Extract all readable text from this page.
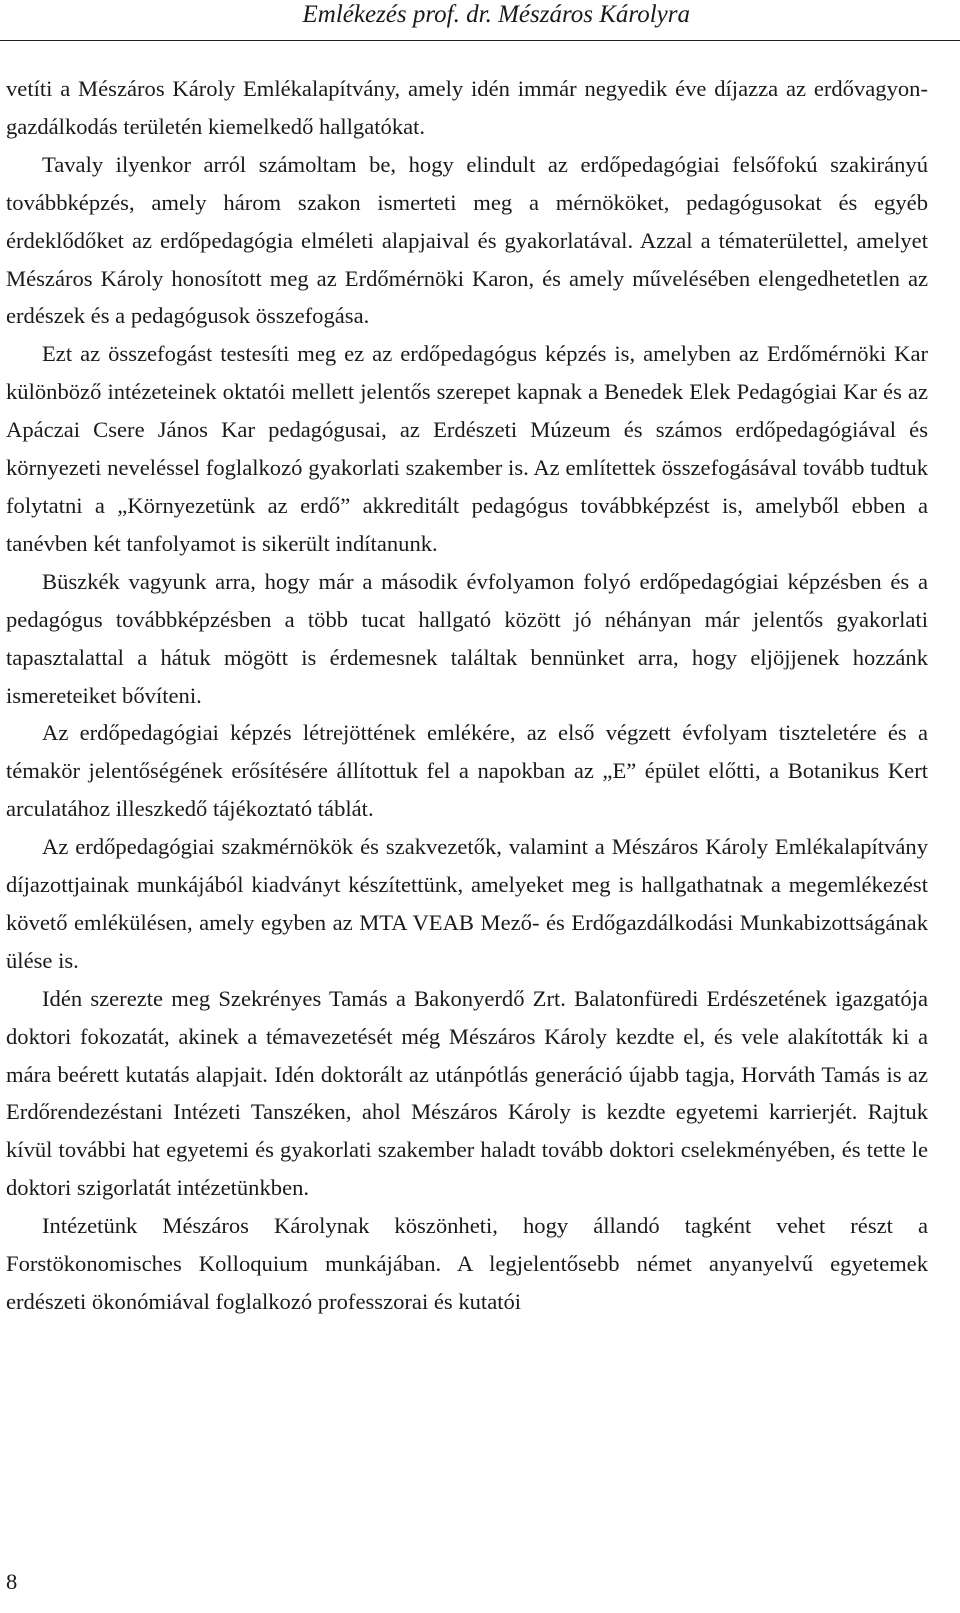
Emlékezés prof. dr. Mészáros Károlyra

vetíti a Mészáros Károly Emlékalapítvány, amely idén immár negyedik éve díjazza az erdővagyon-gazdálkodás területén kiemelkedő hallgatókat.

Tavaly ilyenkor arról számoltam be, hogy elindult az erdőpedagógiai felsőfokú szakirányú továbbképzés, amely három szakon ismerteti meg a mérnököket, pedagógusokat és egyéb érdeklődőket az erdőpedagógia elméleti alapjaival és gyakorlatával. Azzal a tématerülettel, amelyet Mészáros Károly honosított meg az Erdőmérnöki Karon, és amely művelésében elengedhetetlen az erdészek és a pedagógusok összefogása.

Ezt az összefogást testesíti meg ez az erdőpedagógus képzés is, amelyben az Erdőmérnöki Kar különböző intézeteinek oktatói mellett jelentős szerepet kapnak a Benedek Elek Pedagógiai Kar és az Apáczai Csere János Kar pedagógusai, az Erdészeti Múzeum és számos erdőpedagógiával és környezeti neveléssel foglalkozó gyakorlati szakember is. Az említettek összefogásával tovább tudtuk folytatni a „Környezetünk az erdő” akkreditált pedagógus továbbképzést is, amelyből ebben a tanévben két tanfolyamot is sikerült indítanunk.

Büszkék vagyunk arra, hogy már a második évfolyamon folyó erdőpedagógiai képzésben és a pedagógus továbbképzésben a több tucat hallgató között jó néhányan már jelentős gyakorlati tapasztalattal a hátuk mögött is érdemesnek találtak bennünket arra, hogy eljöjjenek hozzánk ismereteiket bővíteni.

Az erdőpedagógiai képzés létrejöttének emlékére, az első végzett évfolyam tiszteletére és a témakör jelentőségének erősítésére állítottuk fel a napokban az „E” épület előtti, a Botanikus Kert arculatához illeszkedő tájékoztató táblát.

Az erdőpedagógiai szakmérnökök és szakvezetők, valamint a Mészáros Károly Emlékalapítvány díjazottjainak munkájából kiadványt készítettünk, amelyeket meg is hallgathatnak a megemlékezést követő emlékülésen, amely egyben az MTA VEAB Mező- és Erdőgazdálkodási Munkabizottságának ülése is.

Idén szerezte meg Szekrényes Tamás a Bakonyerdő Zrt. Balatonfüredi Erdészetének igazgatója doktori fokozatát, akinek a témavezetését még Mészáros Károly kezdte el, és vele alakították ki a mára beérett kutatás alapjait. Idén doktorált az utánpótlás generáció újabb tagja, Horváth Tamás is az Erdőrendezéstani Intézeti Tanszéken, ahol Mészáros Károly is kezdte egyetemi karrierjét. Rajtuk kívül további hat egyetemi és gyakorlati szakember haladt tovább doktori cselekményében, és tette le doktori szigorlatát intézetünkben.

Intézetünk Mészáros Károlynak köszönheti, hogy állandó tagként vehet részt a Forstökonomisches Kolloquium munkájában. A legjelentősebb német anyanyelvű egyetemek erdészeti ökonómiával foglalkozó professzorai és kutatói

8
